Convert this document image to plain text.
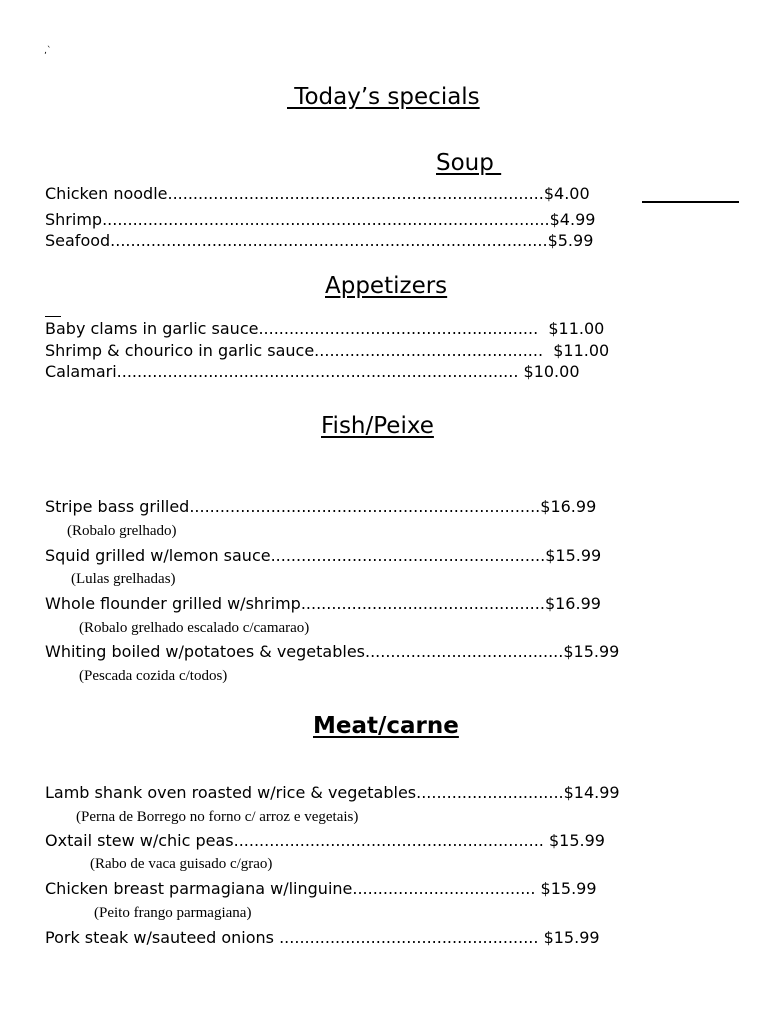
‚`
Today’s specials
Soup
Chicken noodle..........................................................................$4.00
Shrimp........................................................................................$4.99
Seafood......................................................................................$5.99
Appetizers
Baby clams in garlic sauce.......................................................  $11.00
Shrimp & chourico in garlic sauce.............................................  $11.00
Calamari............................................................................... $10.00
Fish/Peixe
Stripe bass grilled.....................................................................$16.99
(Robalo grelhado)
Squid grilled w/lemon sauce......................................................$15.99
(Lulas grelhadas)
Whole flounder grilled w/shrimp................................................$16.99
(Robalo grelhado escalado c/camarao)
Whiting boiled w/potatoes & vegetables.......................................$15.99
(Pescada cozida c/todos)
Meat/carne
Lamb shank oven roasted w/rice & vegetables.............................$14.99
(Perna de Borrego no forno c/ arroz e vegetais)
Oxtail stew w/chic peas............................................................. $15.99
(Rabo de vaca guisado c/grao)
Chicken breast parmagiana w/linguine.................................... $15.99
(Peito frango parmagiana)
Pork steak w/sauteed onions ................................................... $15.99
